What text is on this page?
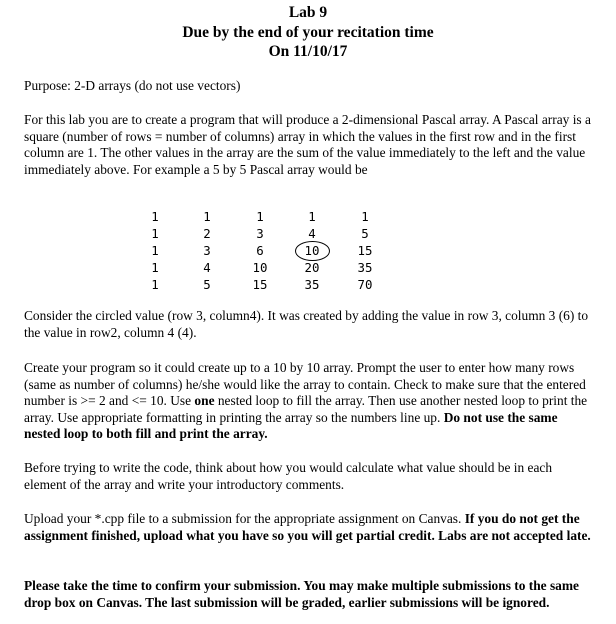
Lab 9
Due by the end of your recitation time
On 11/10/17

Purpose: 2-D arrays (do not use vectors)

For this lab you are to create a program that will produce a 2-dimensional Pascal array. A Pascal array is a square (number of rows = number of columns) array in which the values in the first row and in the first column are 1. The other values in the array are the sum of the value immediately to the left and the value immediately above. For example a 5 by 5 Pascal array would be

1	1	1	1	1
1	2	3	4	5
1	3	6	10	15
1	4	10	20	35
1	5	15	35	70

Consider the circled value (row 3, column4). It was created by adding the value in row 3, column 3 (6) to the value in row2, column 4 (4).

Create your program so it could create up to a 10 by 10 array. Prompt the user to enter how many rows (same as number of columns) he/she would like the array to contain. Check to make sure that the entered number is >= 2 and <= 10. Use one nested loop to fill the array. Then use another nested loop to print the array. Use appropriate formatting in printing the array so the numbers line up. Do not use the same nested loop to both fill and print the array.

Before trying to write the code, think about how you would calculate what value should be in each element of the array and write your introductory comments.

Upload your *.cpp file to a submission for the appropriate assignment on Canvas. If you do not get the assignment finished, upload what you have so you will get partial credit. Labs are not accepted late.

Please take the time to confirm your submission. You may make multiple submissions to the same drop box on Canvas. The last submission will be graded, earlier submissions will be ignored.
